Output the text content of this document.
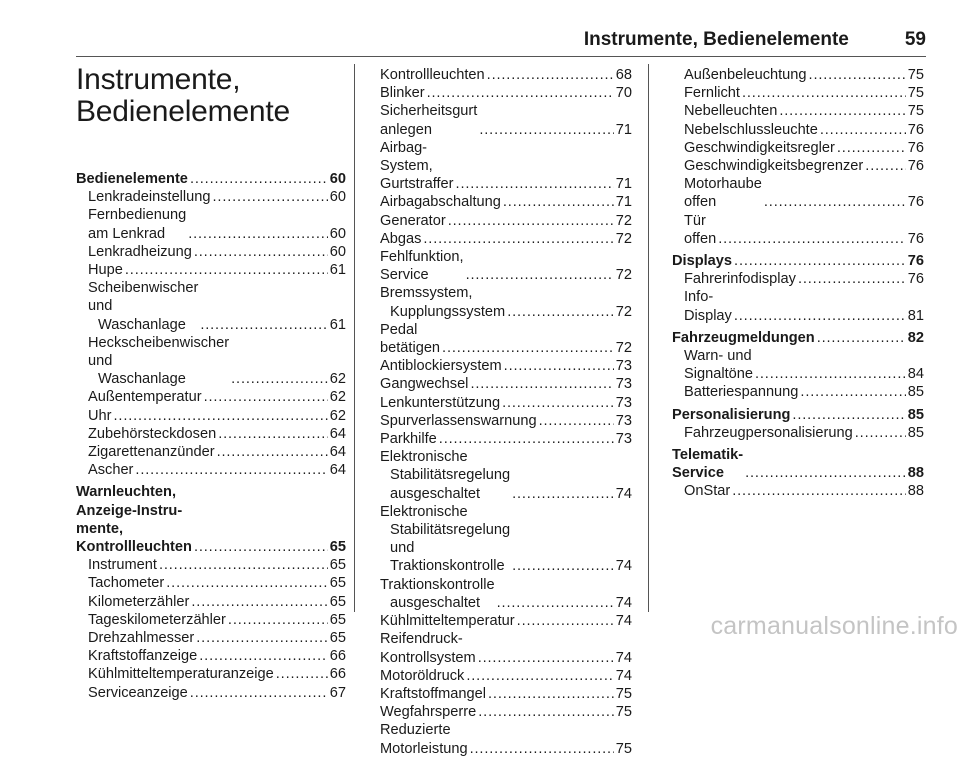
Instrumente, Bedienelemente	59
Instrumente,
Bedienelemente
Bedienelemente . . .	60
Lenkradeinstellung . . .	60
Fernbedienung am Lenkrad . . .	60
Lenkradheizung . . .	60
Hupe . . .	61
Scheibenwischer und
Waschanlage . . .	61
Heckscheibenwischer und
Waschanlage . . .	62
Außentemperatur . . .	62
Uhr . . .	62
Zubehörsteckdosen . . .	64
Zigarettenanzünder . . .	64
Ascher . . .	64
Warnleuchten, Anzeige-Instru-
mente, Kontrollleuchten . . .	65
Instrument . . .	65
Tachometer . . .	65
Kilometerzähler . . .	65
Tageskilometerzähler . . .	65
Drehzahlmesser . . .	65
Kraftstoffanzeige . . .	66
Kühlmitteltemperaturanzeige . . .	66
Serviceanzeige . . .	67
Kontrollleuchten . . .	68
Blinker . . .	70
Sicherheitsgurt anlegen . . .	71
Airbag-System, Gurtstraffer . . .	71
Airbagabschaltung . . .	71
Generator . . .	72
Abgas . . .	72
Fehlfunktion, Service . . .	72
Bremssystem,
Kupplungssystem . . .	72
Pedal betätigen . . .	72
Antiblockiersystem . . .	73
Gangwechsel . . .	73
Lenkunterstützung . . .	73
Spurverlassenswarnung . . .	73
Parkhilfe . . .	73
Elektronische
Stabilitätsregelung
ausgeschaltet . . .	74
Elektronische
Stabilitätsregelung und
Traktionskontrolle . . .	74
Traktionskontrolle
ausgeschaltet . . .	74
Kühlmitteltemperatur . . .	74
Reifendruck-Kontrollsystem . . .	74
Motoröldruck . . .	74
Kraftstoffmangel . . .	75
Wegfahrsperre . . .	75
Reduzierte Motorleistung . . .	75
Außenbeleuchtung . . .	75
Fernlicht . . .	75
Nebelleuchten . . .	75
Nebelschlussleuchte . . .	76
Geschwindigkeitsregler . . .	76
Geschwindigkeitsbegrenzer . . .	76
Motorhaube offen . . .	76
Tür offen . . .	76
Displays . . .	76
Fahrerinfodisplay . . .	76
Info-Display . . .	81
Fahrzeugmeldungen . . .	82
Warn- und Signaltöne . . .	84
Batteriespannung . . .	85
Personalisierung . . .	85
Fahrzeugpersonalisierung . . .	85
Telematik-Service . . .	88
OnStar . . .	88
carmanualsonline.info
